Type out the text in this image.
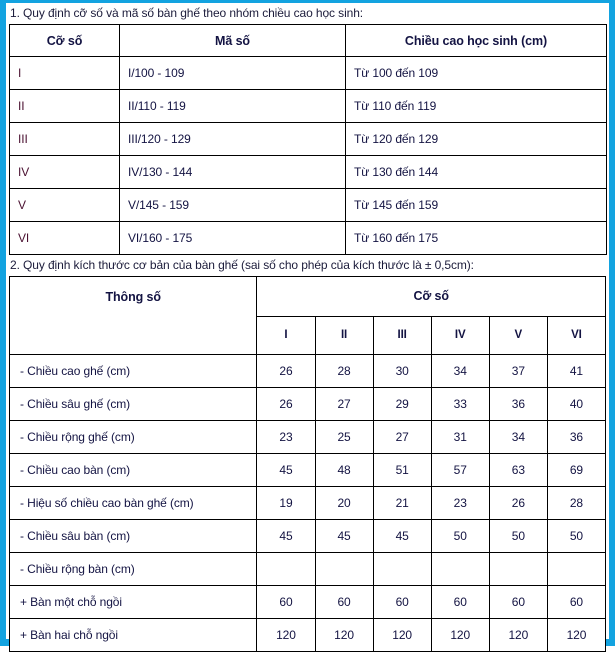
1. Quy định cỡ số và mã số bàn ghế theo nhóm chiều cao học sinh:
Cỡ số	Mã số	Chiều cao học sinh (cm)
I	I/100 - 109	Từ 100 đến 109
II	II/110 - 119	Từ 110 đến 119
III	III/120 - 129	Từ 120 đến 129
IV	IV/130 - 144	Từ 130 đến 144
V	V/145 - 159	Từ 145 đến 159
VI	VI/160 - 175	Từ 160 đến 175
2. Quy định kích thước cơ bản của bàn ghế (sai số cho phép của kích thước là ± 0,5cm):
Thông số	Cỡ số					
	I	II	III	IV	V	VI
- Chiều cao ghế (cm)	26	28	30	34	37	41
- Chiều sâu ghế (cm)	26	27	29	33	36	40
- Chiều rộng ghế (cm)	23	25	27	31	34	36
- Chiều cao bàn (cm)	45	48	51	57	63	69
- Hiệu số chiều cao bàn ghế (cm)	19	20	21	23	26	28
- Chiều sâu bàn (cm)	45	45	45	50	50	50
- Chiều rộng bàn (cm)						
+ Bàn một chỗ ngồi	60	60	60	60	60	60
+ Bàn hai chỗ ngồi	120	120	120	120	120	120
